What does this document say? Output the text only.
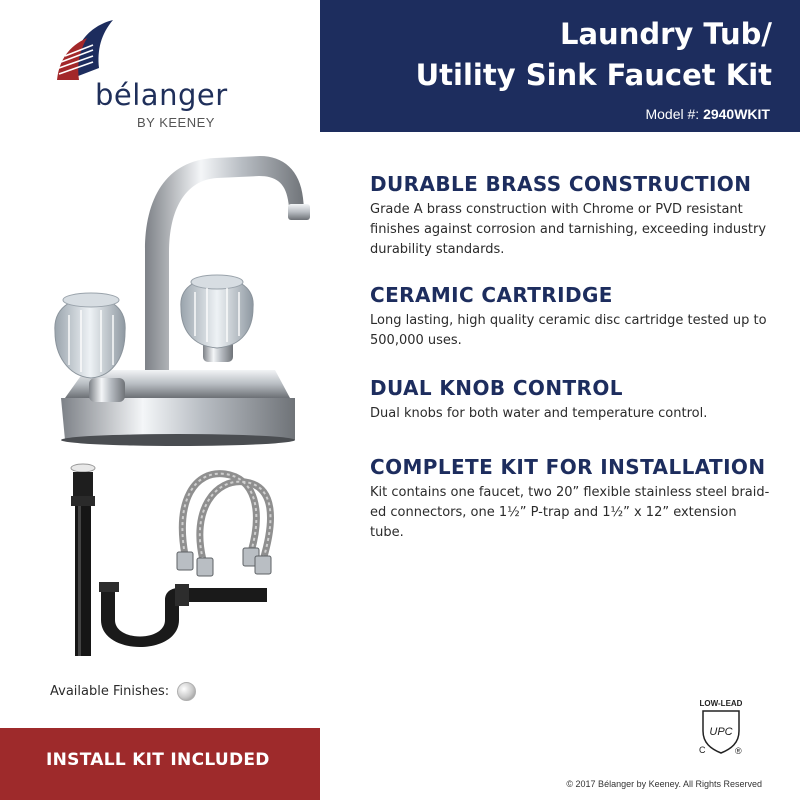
bélanger
BY KEENEY
Laundry Tub/
Utility Sink Faucet Kit
Model #: 2940WKIT
DURABLE BRASS CONSTRUCTION

Grade A brass construction with Chrome or PVD resistant finishes against corrosion and tarnishing, exceeding industry durability standards.

CERAMIC CARTRIDGE

Long lasting, high quality ceramic disc cartridge tested up to 500,000 uses.

DUAL KNOB CONTROL

Dual knobs for both water and temperature control.

COMPLETE KIT FOR INSTALLATION

Kit contains one faucet, two 20” flexible stainless steel braid-ed connectors, one 1½” P-trap and 1½” x 12” extension tube.

Available Finishes:
INSTALL KIT INCLUDED
LOW-LEAD
UPC
C	®
© 2017 Bélanger by Keeney. All Rights Reserved
